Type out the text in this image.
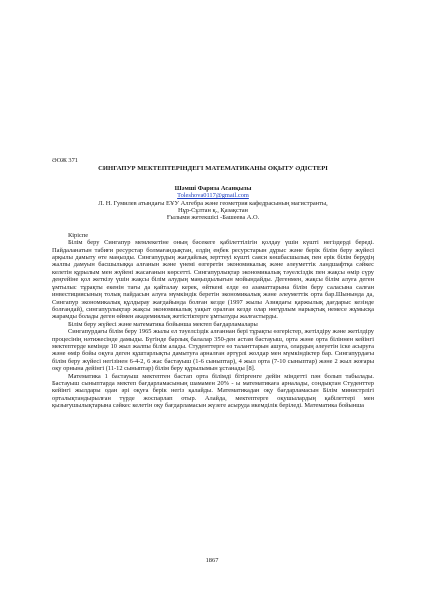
ӘОЖ 371
СИНГАПУР МЕКТЕПТЕРІНДЕГІ МАТЕМАТИКАНЫ ОҚЫТУ ӘДІСТЕРІ
Шәмші Фариза Асанқызы
Toleshova0117@gmail.com
Л. Н. Гумилев атындағы ЕҰУ Алгебра және геометрия кафедрасының магистранты,
Нұр-Сұлтан қ., Қазақстан
Ғылыми жетекшісі -Башеева А.О.
Кіріспе

Білім беру Сингапур мемлекетіне оның бәсекеге қабілеттілігін қолдау үшін күшті негіздерді береді. Пайдаланатын табиғи ресурстар болмағандықтан, елдің еңбек ресурстарын дұрыс және берік білім беру жүйесі арқылы дамыту өте маңызды. Сингапурдың жағдайлық зерттеуі күшті саяси көшбасшылық пен ерік білім берудің жалпы дамуын басшылыққа алғанын және үнемі өзгеретін экономикалық және әлеуметтік ландшафтқа сәйкес келетін құрылым мен жүйені жасағанын көрсетті. Сингапурлықтар экономикалық тәуелсіздік пен жақсы өмір сүру деңгейіне қол жеткізу үшін жақсы білім алудың маңыздылығын мойындайды. Дегенмен, жақсы білім алуға деген ұмтылыс тұрақты екенін тағы да қайталау керек, өйткені елде өз азаматтарына білім беру саласына салған инвестициясының толық пайдасын алуға мүмкіндік беретін экономикалық және әлеуметтік орта бар.Шынында да, Сингапур экономикалық құлдырау жағдайында болған кезде (1997 жылы Азиядағы қаржылық дағдарыс кезінде болғандай), сингапурлықтар жақсы экономикалық уақыт оралған кезде олар нөгұрлым нарықтық немесе жұмысқа жарамды болады деген өймен академиялық жетістіктерге ұмтылуды жалғастырды.

Білім беру жүйесі және математика бойынша мектеп бағдарламалары

Сингапурдағы білім беру 1965 жылы ел тәуелсіздік алғаннан бері тұрақты өзгерістер, жетілдіру және жетілдіру процесінің нәтижесінде дамыды. Бүгінде барлық балалар 350-ден астам бастауыш, орта және орта біліннен кейінгі мектептерде кемінде 10 жыл жалпы білім алады. Студенттерге өз таланттарын ашуға, олардың әлеуетін іске асыруға және өмір бойы оқуға деген құштарлықты дамытуға арналған әртүрлі жолдар мен мүмкіндіктер бар. Сингапурдағы білім беру жүйесі негізінен 6-4-2, 6 жас бастауыш (1-6 сыныптар), 4 жыл орта (7-10 сыныптар) және 2 жыл жоғары оқу орнына дейінгі (11-12 сыныптар) білім беру құрылымын ұстанады [8].

Математика 1 бастауыш мектептен бастап орта білімді бітіргенге дейін міндетті пән болып табылады. Бастауыш сыныптарда мектеп бағдарламасының шамамен 20% - ы математикаға арналады, сондықтан Студенттер кейінгі жылдары одан әрі оқуға берік негіз қалайды. Математикадан оқу бағдарламасын Білім министрлігі орталықтандырылған түрде жоспарлап отыр. Алайда, мектептерге оқушылардың қабілеттері мен қызығушылықтарына сәйкес келетін оқу бағдарламасын жүзеге асыруда икемділік беріледі. Математика бойынша

1867
